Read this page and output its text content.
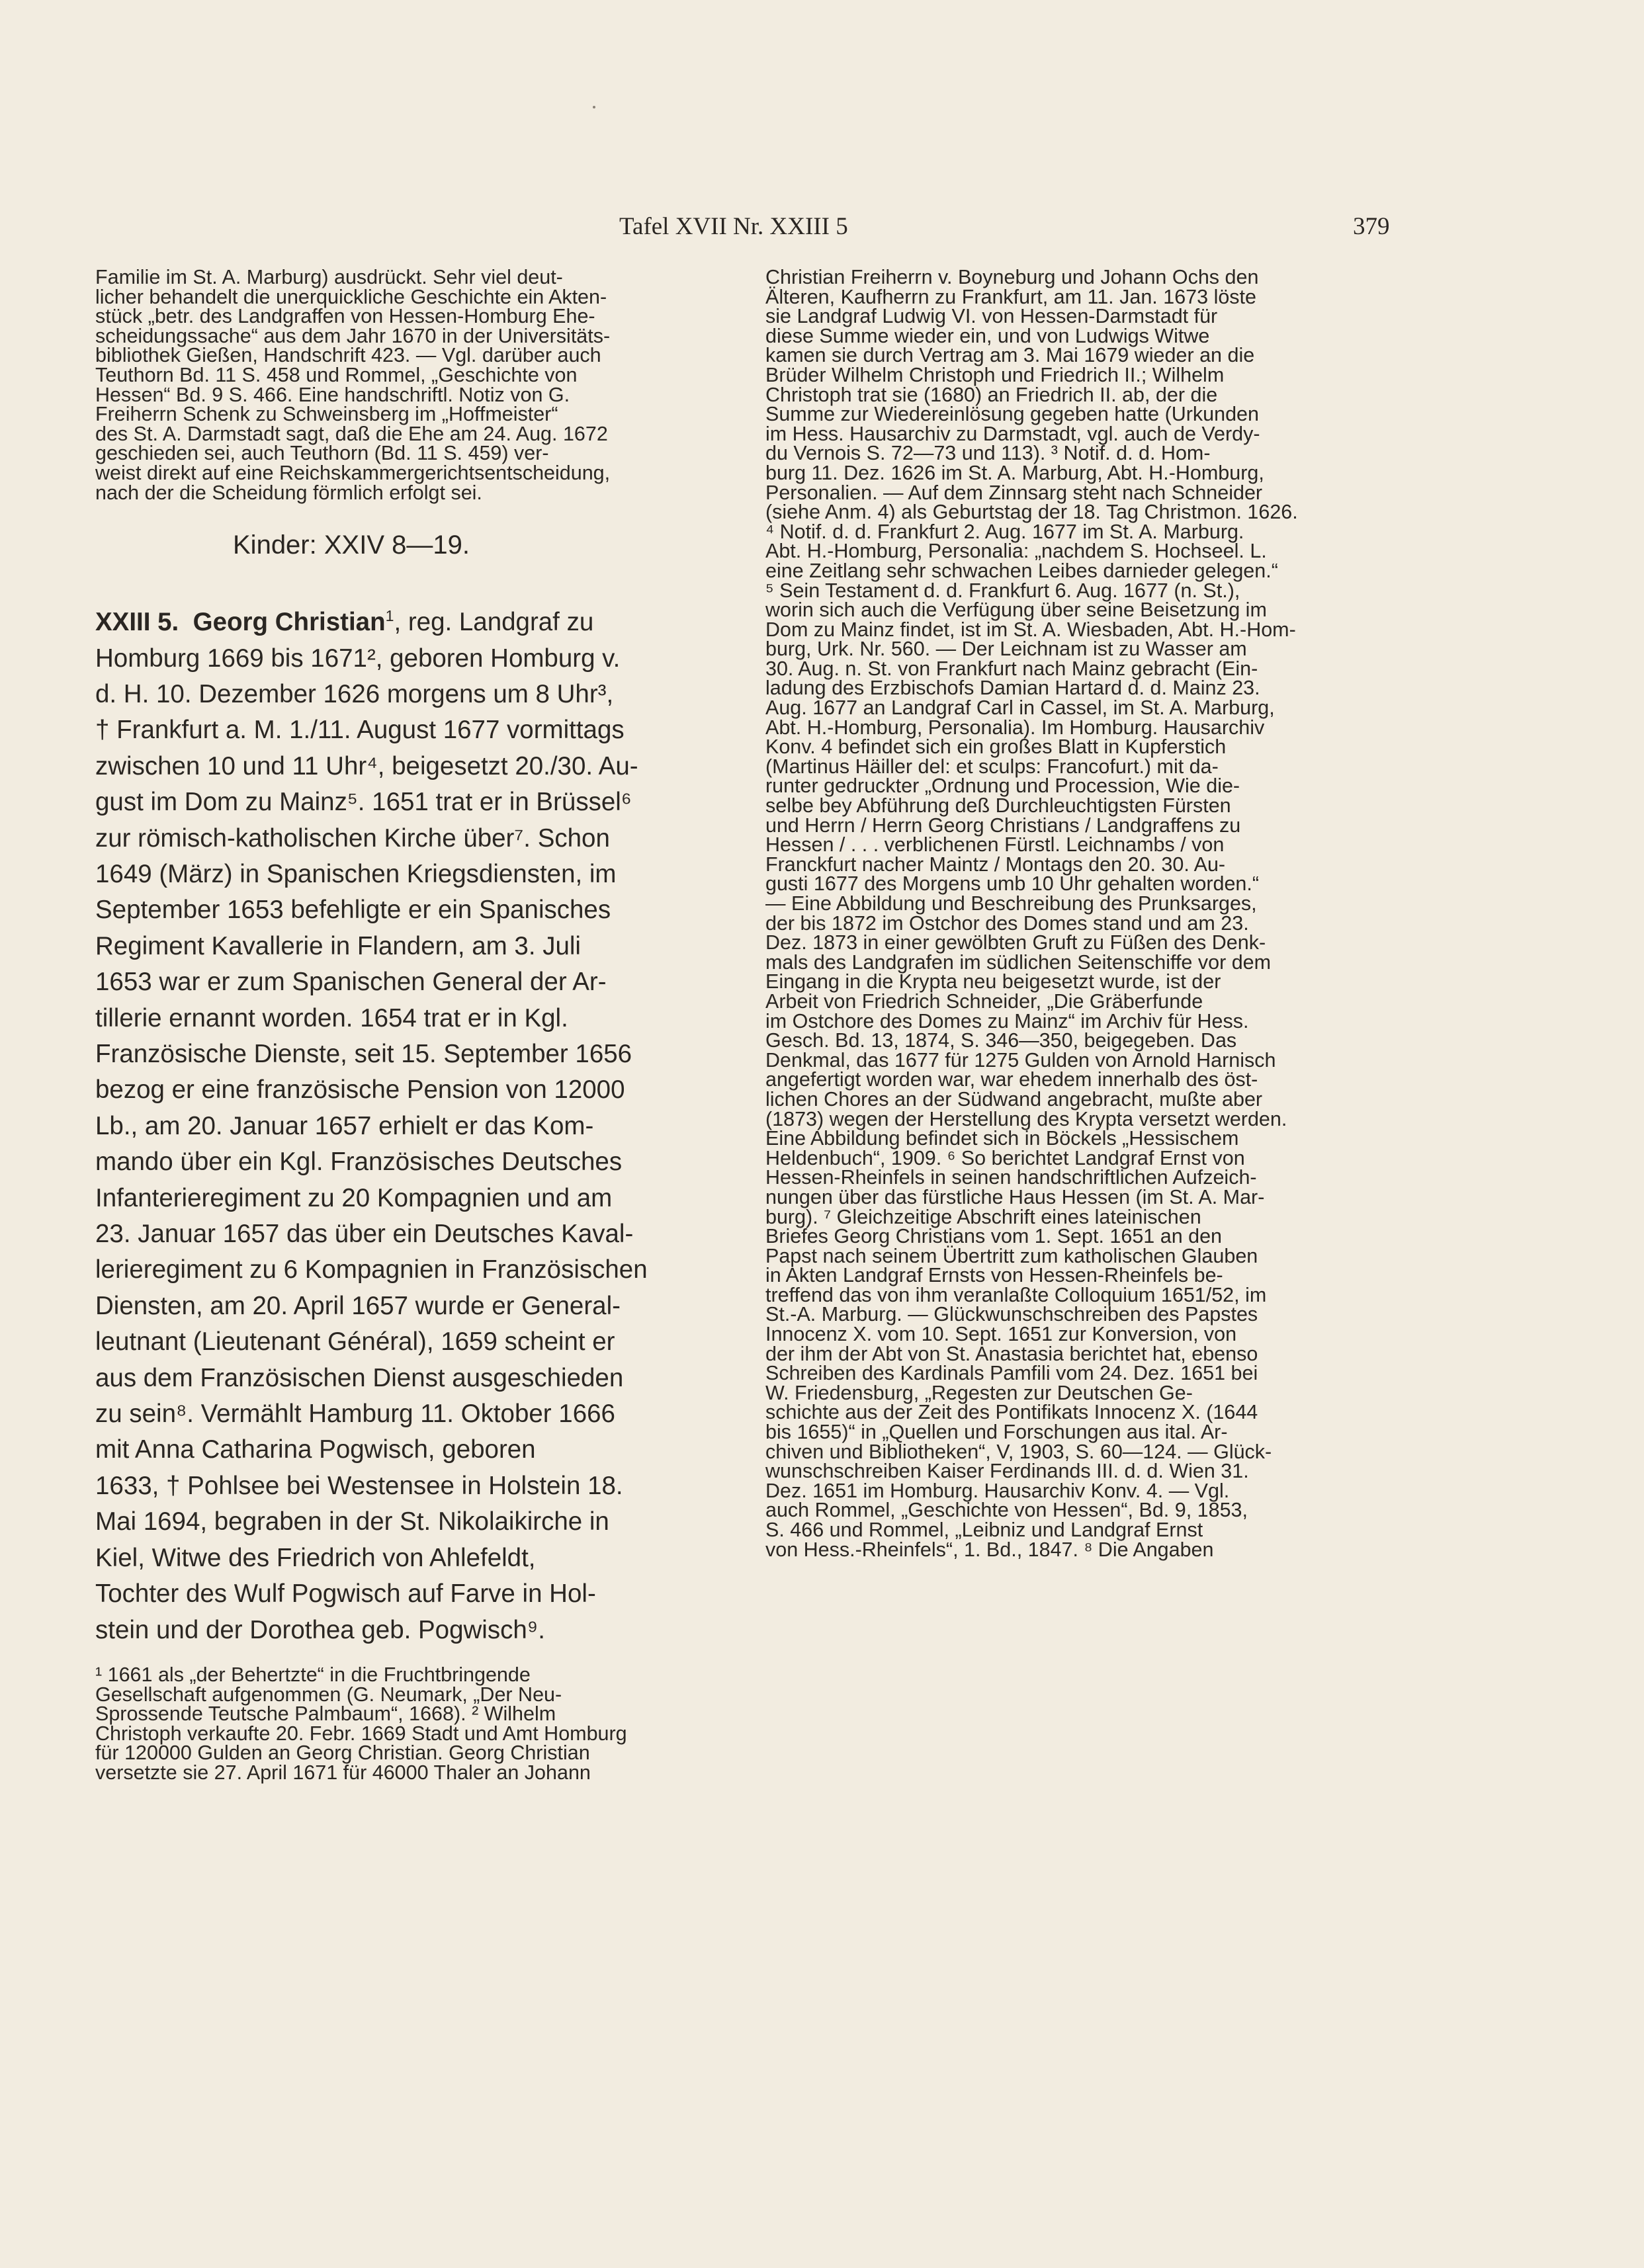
Tafel XVII Nr. XXIII 5	379
Familie im St. A. Marburg) ausdrückt. Sehr viel deut-
licher behandelt die unerquickliche Geschichte ein Akten-
stück „betr. des Landgraffen von Hessen-Homburg Ehe-
scheidungssache“ aus dem Jahr 1670 in der Universitäts-
bibliothek Gießen, Handschrift 423. — Vgl. darüber auch
Teuthorn Bd. 11 S. 458 und Rommel, „Geschichte von
Hessen“ Bd. 9 S. 466. Eine handschriftl. Notiz von G.
Freiherrn Schenk zu Schweinsberg im „Hoffmeister“
des St. A. Darmstadt sagt, daß die Ehe am 24. Aug. 1672
geschieden sei, auch Teuthorn (Bd. 11 S. 459) ver-
weist direkt auf eine Reichskammergerichtsentscheidung,
nach der die Scheidung förmlich erfolgt sei.
Kinder: XXIV 8—19.
XXIII 5. Georg Christian$^1$, reg. Landgraf zu
Homburg 1669 bis 1671², geboren Homburg v.
d. H. 10. Dezember 1626 morgens um 8 Uhr³,
† Frankfurt a. M. 1./11. August 1677 vormittags
zwischen 10 und 11 Uhr⁴, beigesetzt 20./30. Au-
gust im Dom zu Mainz⁵. 1651 trat er in Brüssel⁶
zur römisch-katholischen Kirche über⁷. Schon
1649 (März) in Spanischen Kriegsdiensten, im
September 1653 befehligte er ein Spanisches
Regiment Kavallerie in Flandern, am 3. Juli
1653 war er zum Spanischen General der Ar-
tillerie ernannt worden. 1654 trat er in Kgl.
Französische Dienste, seit 15. September 1656
bezog er eine französische Pension von 12000
Lb., am 20. Januar 1657 erhielt er das Kom-
mando über ein Kgl. Französisches Deutsches
Infanterieregiment zu 20 Kompagnien und am
23. Januar 1657 das über ein Deutsches Kaval-
lerieregiment zu 6 Kompagnien in Französischen
Diensten, am 20. April 1657 wurde er General-
leutnant (Lieutenant Général), 1659 scheint er
aus dem Französischen Dienst ausgeschieden
zu sein⁸. Vermählt Hamburg 11. Oktober 1666
mit Anna Catharina Pogwisch, geboren
1633, † Pohlsee bei Westensee in Holstein 18.
Mai 1694, begraben in der St. Nikolaikirche in
Kiel, Witwe des Friedrich von Ahlefeldt,
Tochter des Wulf Pogwisch auf Farve in Hol-
stein und der Dorothea geb. Pogwisch⁹.
¹ 1661 als „der Behertzte“ in die Fruchtbringende
Gesellschaft aufgenommen (G. Neumark, „Der Neu-
Sprossende Teutsche Palmbaum“, 1668). ² Wilhelm
Christoph verkaufte 20. Febr. 1669 Stadt und Amt Homburg
für 120000 Gulden an Georg Christian. Georg Christian
versetzte sie 27. April 1671 für 46000 Thaler an Johann
Christian Freiherrn v. Boyneburg und Johann Ochs den
Älteren, Kaufherrn zu Frankfurt, am 11. Jan. 1673 löste
sie Landgraf Ludwig VI. von Hessen-Darmstadt für
diese Summe wieder ein, und von Ludwigs Witwe
kamen sie durch Vertrag am 3. Mai 1679 wieder an die
Brüder Wilhelm Christoph und Friedrich II.; Wilhelm
Christoph trat sie (1680) an Friedrich II. ab, der die
Summe zur Wiedereinlösung gegeben hatte (Urkunden
im Hess. Hausarchiv zu Darmstadt, vgl. auch de Verdy-
du Vernois S. 72—73 und 113). ³ Notif. d. d. Hom-
burg 11. Dez. 1626 im St. A. Marburg, Abt. H.-Homburg,
Personalien. — Auf dem Zinnsarg steht nach Schneider
(siehe Anm. 4) als Geburtstag der 18. Tag Christmon. 1626.
⁴ Notif. d. d. Frankfurt 2. Aug. 1677 im St. A. Marburg.
Abt. H.-Homburg, Personalia: „nachdem S. Hochseel. L.
eine Zeitlang sehr schwachen Leibes darnieder gelegen.“
⁵ Sein Testament d. d. Frankfurt 6. Aug. 1677 (n. St.),
worin sich auch die Verfügung über seine Beisetzung im
Dom zu Mainz findet, ist im St. A. Wiesbaden, Abt. H.-Hom-
burg, Urk. Nr. 560. — Der Leichnam ist zu Wasser am
30. Aug. n. St. von Frankfurt nach Mainz gebracht (Ein-
ladung des Erzbischofs Damian Hartard d. d. Mainz 23.
Aug. 1677 an Landgraf Carl in Cassel, im St. A. Marburg,
Abt. H.-Homburg, Personalia). Im Homburg. Hausarchiv
Konv. 4 befindet sich ein großes Blatt in Kupferstich
(Martinus Häiller del: et sculps: Francofurt.) mit da-
runter gedruckter „Ordnung und Procession, Wie die-
selbe bey Abführung deß Durchleuchtigsten Fürsten
und Herrn / Herrn Georg Christians / Landgraffens zu
Hessen / . . . verblichenen Fürstl. Leichnambs / von
Franckfurt nacher Maintz / Montags den 20. 30. Au-
gusti 1677 des Morgens umb 10 Uhr gehalten worden.“
— Eine Abbildung und Beschreibung des Prunksarges,
der bis 1872 im Ostchor des Domes stand und am 23.
Dez. 1873 in einer gewölbten Gruft zu Füßen des Denk-
mals des Landgrafen im südlichen Seitenschiffe vor dem
Eingang in die Krypta neu beigesetzt wurde, ist der
Arbeit von Friedrich Schneider, „Die Gräberfunde
im Ostchore des Domes zu Mainz“ im Archiv für Hess.
Gesch. Bd. 13, 1874, S. 346—350, beigegeben. Das
Denkmal, das 1677 für 1275 Gulden von Arnold Harnisch
angefertigt worden war, war ehedem innerhalb des öst-
lichen Chores an der Südwand angebracht, mußte aber
(1873) wegen der Herstellung des Krypta versetzt werden.
Eine Abbildung befindet sich in Böckels „Hessischem
Heldenbuch“, 1909. ⁶ So berichtet Landgraf Ernst von
Hessen-Rheinfels in seinen handschriftlichen Aufzeich-
nungen über das fürstliche Haus Hessen (im St. A. Mar-
burg). ⁷ Gleichzeitige Abschrift eines lateinischen
Briefes Georg Christians vom 1. Sept. 1651 an den
Papst nach seinem Übertritt zum katholischen Glauben
in Akten Landgraf Ernsts von Hessen-Rheinfels be-
treffend das von ihm veranlaßte Colloquium 1651/52, im
St.-A. Marburg. — Glückwunschschreiben des Papstes
Innocenz X. vom 10. Sept. 1651 zur Konversion, von
der ihm der Abt von St. Anastasia berichtet hat, ebenso
Schreiben des Kardinals Pamfili vom 24. Dez. 1651 bei
W. Friedensburg, „Regesten zur Deutschen Ge-
schichte aus der Zeit des Pontifikats Innocenz X. (1644
bis 1655)“ in „Quellen und Forschungen aus ital. Ar-
chiven und Bibliotheken“, V, 1903, S. 60—124. — Glück-
wunschschreiben Kaiser Ferdinands III. d. d. Wien 31.
Dez. 1651 im Homburg. Hausarchiv Konv. 4. — Vgl.
auch Rommel, „Geschichte von Hessen“, Bd. 9, 1853,
S. 466 und Rommel, „Leibniz und Landgraf Ernst
von Hess.-Rheinfels“, 1. Bd., 1847. ⁸ Die Angaben
